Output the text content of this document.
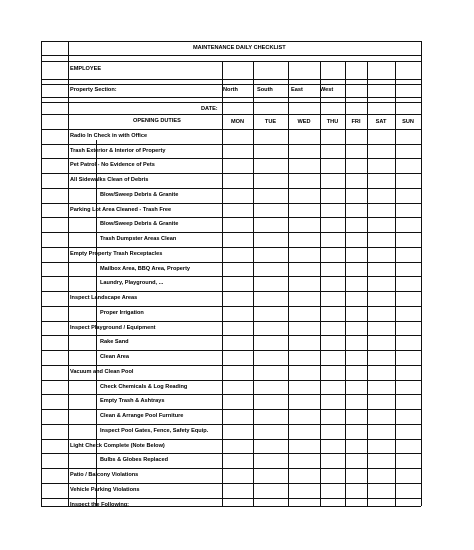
MAINTENANCE DAILY CHECKLIST
EMPLOYEE
Property Section:	North	South	East	West
DATE:
OPENING DUTIES	MON	TUE	WED	THU	FRI	SAT	SUN
Radio In Check in with Office
Trash Exterior & Interior of Property
Pet Patrol - No Evidence of Pets
All Sidewalks Clean of Debris
Blow/Sweep Debris & Granite
Parking Lot Area Cleaned - Trash Free
Blow/Sweep Debris & Granite
Trash Dumpster Areas Clean
Empty Property Trash Receptacles
Mailbox Area, BBQ Area, Property
Laundry, Playground, ...
Inspect Landscape Areas
Proper Irrigation
Inspect Playground / Equipment
Rake Sand
Clean Area
Vacuum and Clean Pool
Check Chemicals & Log Reading
Empty Trash & Ashtrays
Clean & Arrange Pool Furniture
Inspect Pool Gates, Fence, Safety Equip.
Light Check Complete (Note Below)
Bulbs & Globes Replaced
Patio / Balcony Violations
Vehicle Parking Violations
Inspect the Following:
